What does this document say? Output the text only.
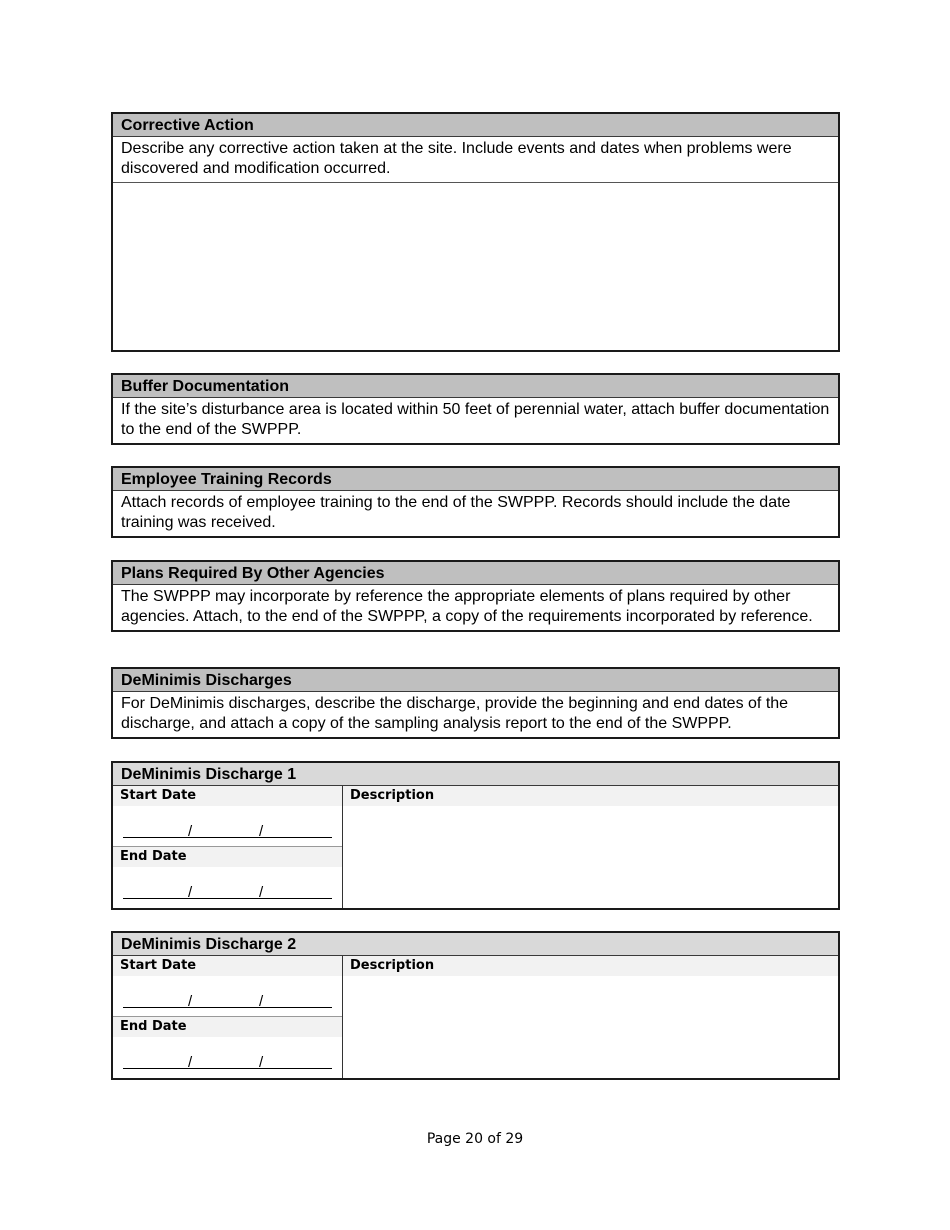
Corrective Action
Describe any corrective action taken at the site. Include events and dates when problems were discovered and modification occurred.
Buffer Documentation
If the site’s disturbance area is located within 50 feet of perennial water, attach buffer documentation to the end of the SWPPP.
Employee Training Records
Attach records of employee training to the end of the SWPPP. Records should include the date training was received.
Plans Required By Other Agencies
The SWPPP may incorporate by reference the appropriate elements of plans required by other agencies. Attach, to the end of the SWPPP, a copy of the requirements incorporated by reference.
DeMinimis Discharges
For DeMinimis discharges, describe the discharge, provide the beginning and end dates of the discharge, and attach a copy of the sampling analysis report to the end of the SWPPP.
DeMinimis Discharge 1
Start Date
/	/
End Date
/	/
Description
DeMinimis Discharge 2
Start Date
/	/
End Date
/	/
Description
Page 20 of 29
